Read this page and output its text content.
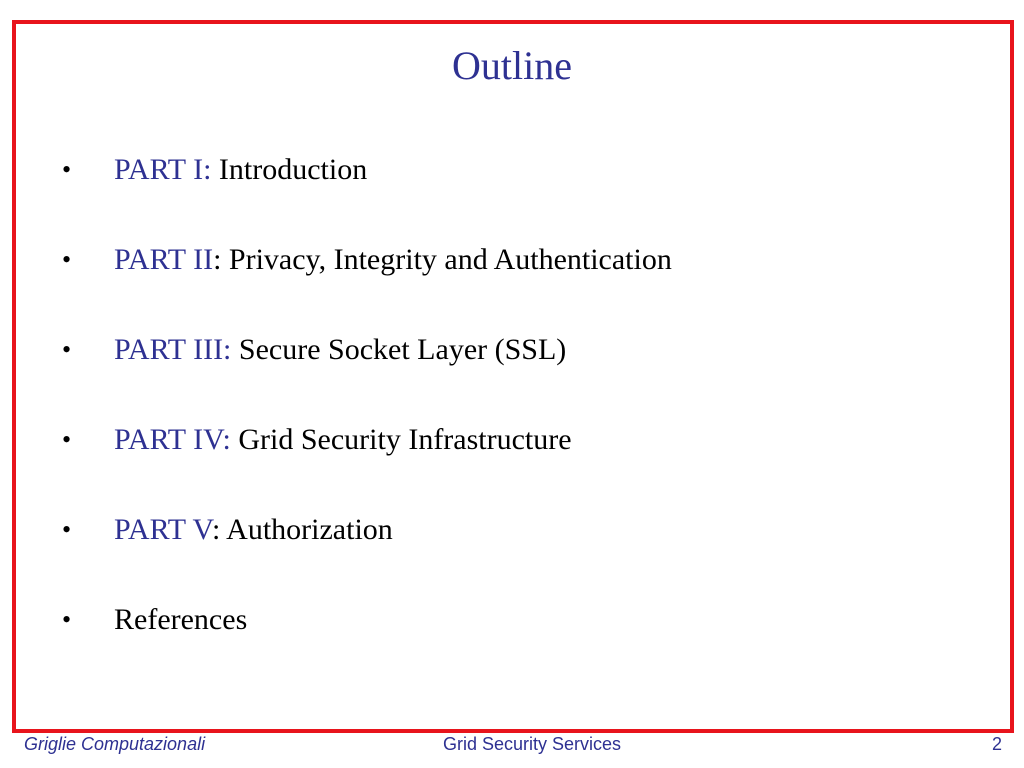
Outline
• PART I: Introduction
• PART II: Privacy, Integrity and Authentication
• PART III: Secure Socket Layer (SSL)
• PART IV: Grid Security Infrastructure
• PART V: Authorization
• References
Griglie Computazionali	Grid Security Services	2
